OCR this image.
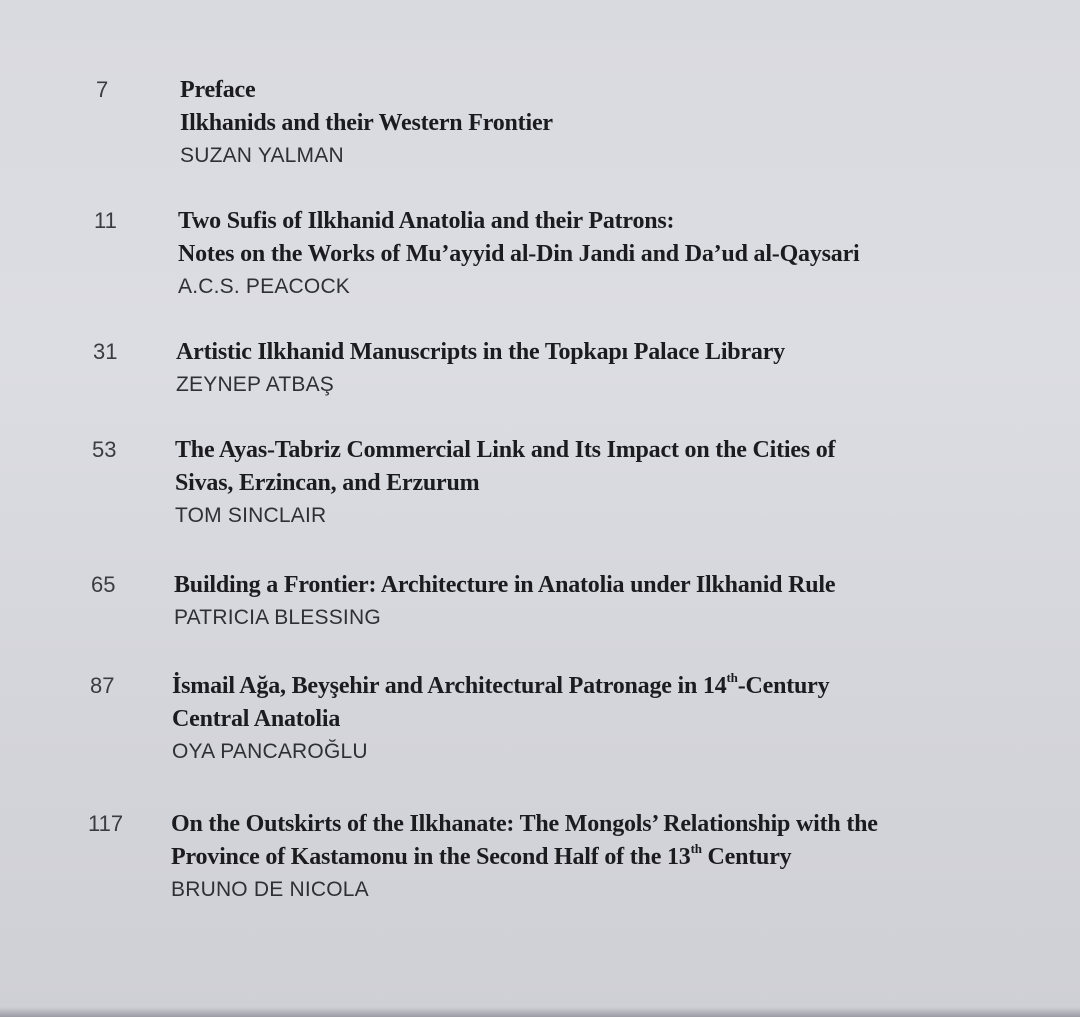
7	Preface
Ilkhanids and their Western Frontier
SUZAN YALMAN
11	Two Sufis of Ilkhanid Anatolia and their Patrons:
Notes on the Works of Mu’ayyid al-Din Jandi and Da’ud al-Qaysari
A.C.S. PEACOCK
31 Artistic Ilkhanid Manuscripts in the Topkapı Palace Library
ZEYNEP ATBAŞ
53 The Ayas-Tabriz Commercial Link and Its Impact on the Cities of
Sivas, Erzincan, and Erzurum
TOM SINCLAIR
65 Building a Frontier: Architecture in Anatolia under Ilkhanid Rule
PATRICIA BLESSING
87 İsmail Ağa, Beyşehir and Architectural Patronage in 14th-Century
Central Anatolia
OYA PANCAROĞLU
117 On the Outskirts of the Ilkhanate: The Mongols’ Relationship with the
Province of Kastamonu in the Second Half of the 13th Century
BRUNO DE NICOLA
